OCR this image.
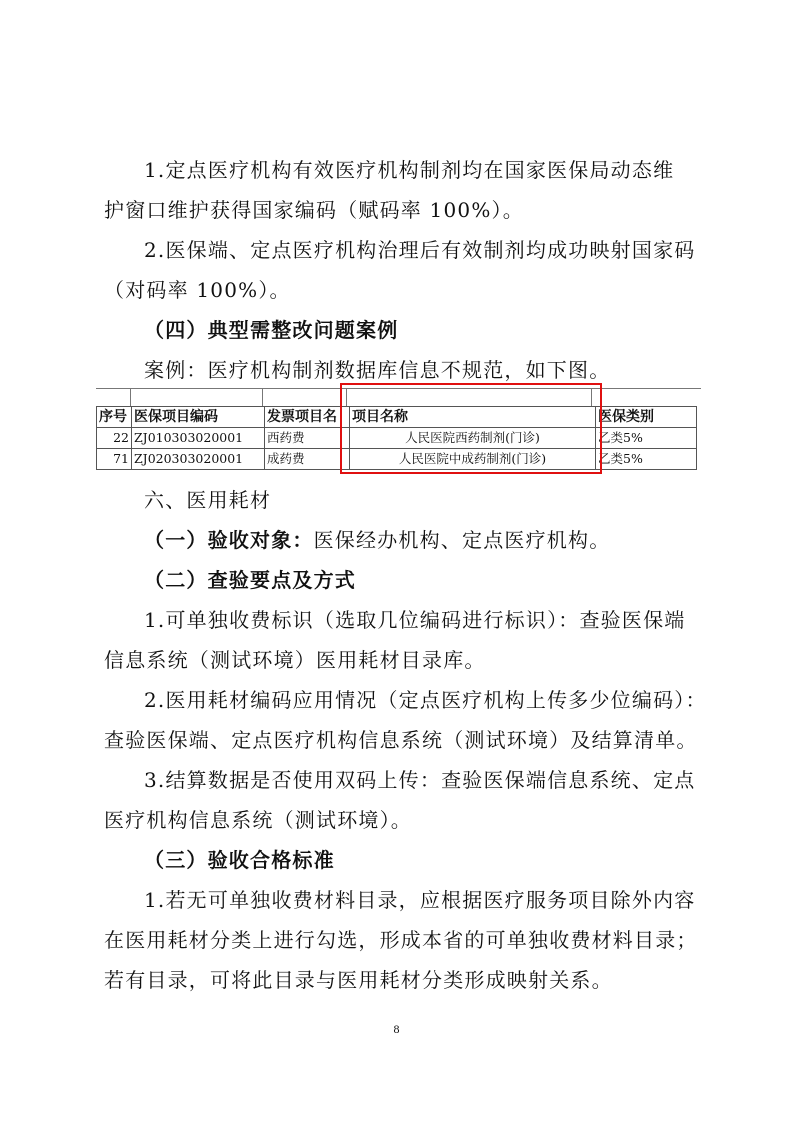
1.定点医疗机构有效医疗机构制剂均在国家医保局动态维
护窗口维护获得国家编码（赋码率 100%）。
2.医保端、定点医疗机构治理后有效制剂均成功映射国家码
（对码率 100%）。
（四）典型需整改问题案例
案例：医疗机构制剂数据库信息不规范，如下图。
序号	医保项目编码	发票项目名	项目名称	医保类别
22	ZJ010303020001	西药费	人民医院西药制剂(门诊)	乙类5%
71	ZJ020303020001	成药费	人民医院中成药制剂(门诊)	乙类5%
六、医用耗材
（一）验收对象：医保经办机构、定点医疗机构。
（二）查验要点及方式
1.可单独收费标识（选取几位编码进行标识）：查验医保端
信息系统（测试环境）医用耗材目录库。
2.医用耗材编码应用情况（定点医疗机构上传多少位编码）：
查验医保端、定点医疗机构信息系统（测试环境）及结算清单。
3.结算数据是否使用双码上传：查验医保端信息系统、定点
医疗机构信息系统（测试环境）。
（三）验收合格标准
1.若无可单独收费材料目录，应根据医疗服务项目除外内容
在医用耗材分类上进行勾选，形成本省的可单独收费材料目录；
若有目录，可将此目录与医用耗材分类形成映射关系。
8
